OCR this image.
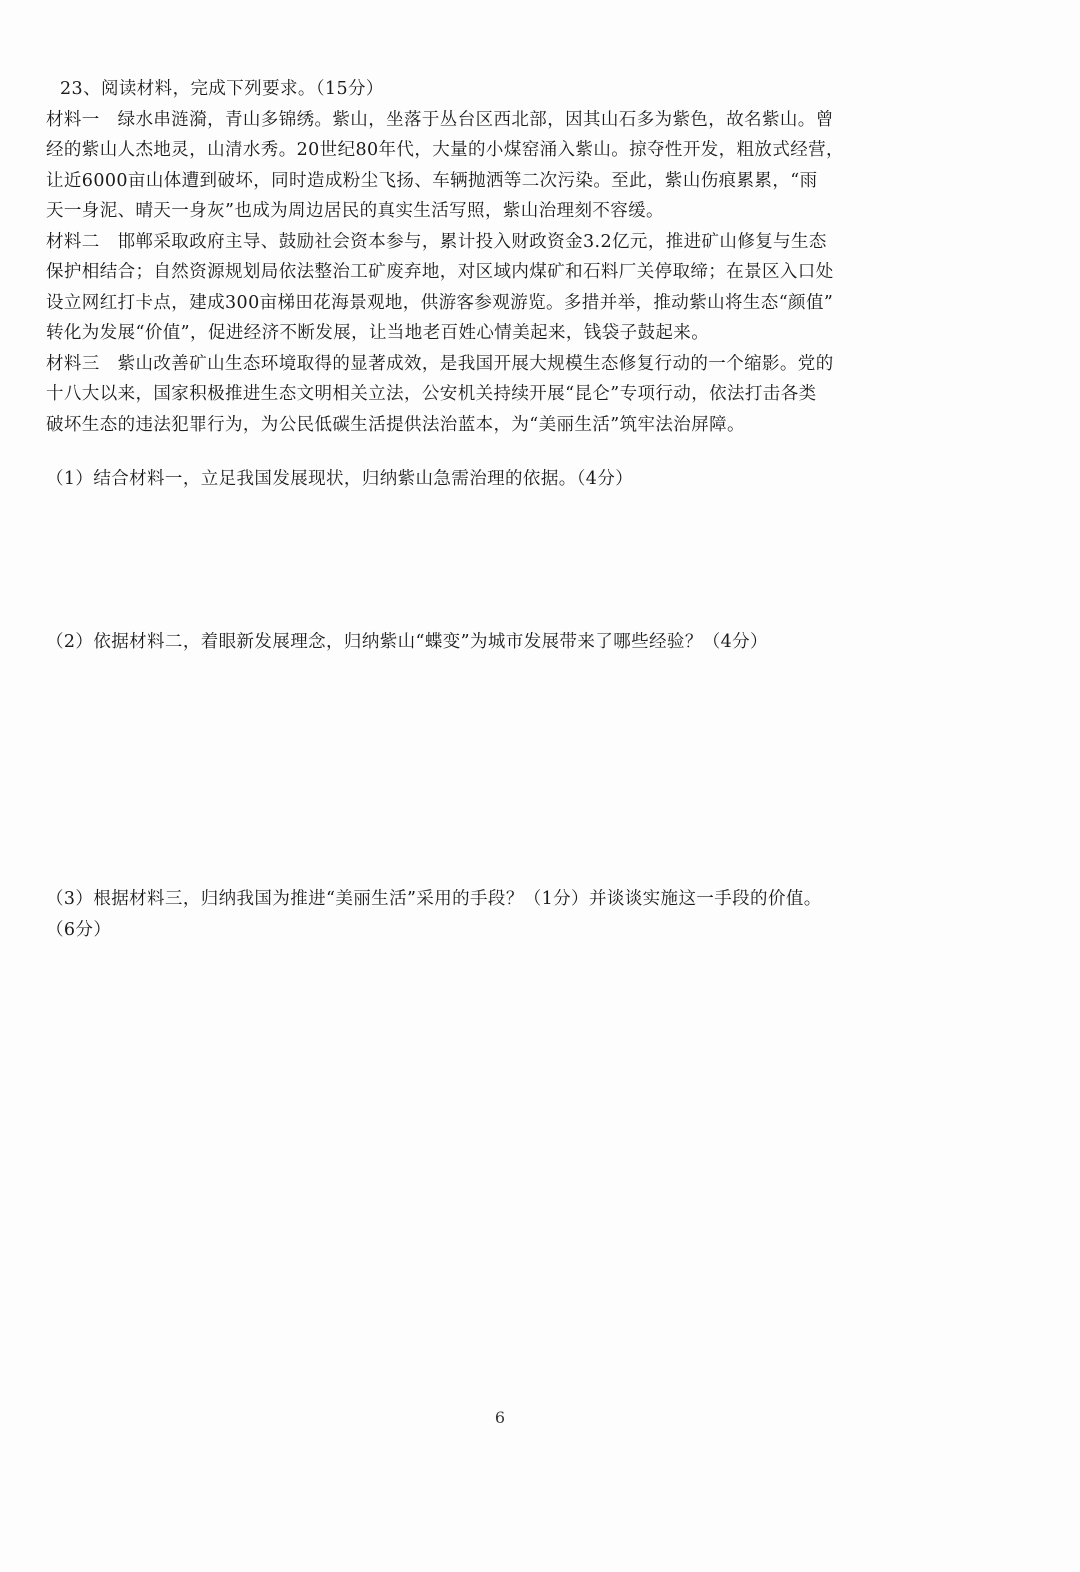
23、阅读材料，完成下列要求。（15分）
材料一　绿水串涟漪，青山多锦绣。紫山，坐落于丛台区西北部，因其山石多为紫色，故名紫山。曾
经的紫山人杰地灵，山清水秀。20世纪80年代，大量的小煤窑涌入紫山。掠夺性开发，粗放式经营，
让近6000亩山体遭到破坏，同时造成粉尘飞扬、车辆抛洒等二次污染。至此，紫山伤痕累累，“雨
天一身泥、晴天一身灰”也成为周边居民的真实生活写照，紫山治理刻不容缓。
材料二　邯郸采取政府主导、鼓励社会资本参与，累计投入财政资金3.2亿元，推进矿山修复与生态
保护相结合；自然资源规划局依法整治工矿废弃地，对区域内煤矿和石料厂关停取缔；在景区入口处
设立网红打卡点，建成300亩梯田花海景观地，供游客参观游览。多措并举，推动紫山将生态“颜值”
转化为发展“价值”，促进经济不断发展，让当地老百姓心情美起来，钱袋子鼓起来。
材料三　紫山改善矿山生态环境取得的显著成效，是我国开展大规模生态修复行动的一个缩影。党的
十八大以来，国家积极推进生态文明相关立法，公安机关持续开展“昆仑”专项行动，依法打击各类
破坏生态的违法犯罪行为，为公民低碳生活提供法治蓝本，为“美丽生活”筑牢法治屏障。
（1）结合材料一，立足我国发展现状，归纳紫山急需治理的依据。（4分）
（2）依据材料二，着眼新发展理念，归纳紫山“蝶变”为城市发展带来了哪些经验？（4分）
（3）根据材料三，归纳我国为推进“美丽生活”采用的手段？（1分）并谈谈实施这一手段的价值。
（6分）
6
